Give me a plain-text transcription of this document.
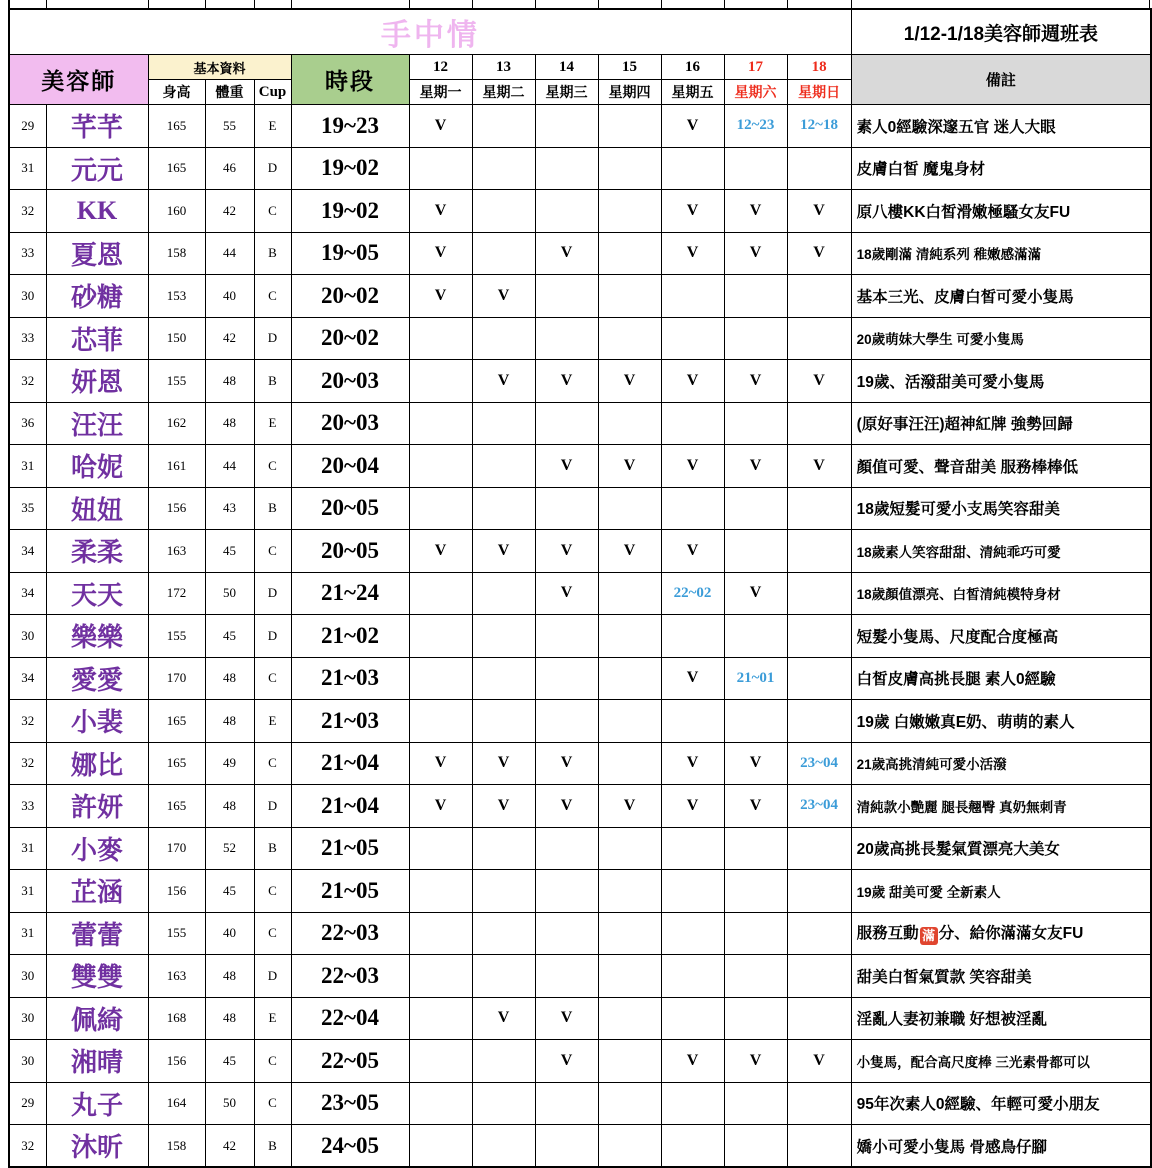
手中情													1/12-1/18美容師週班表
美容師		基本資料			時段	12	13	14	15	16	17	18	備註
		身高	體重	Cup		星期一	星期二	星期三	星期四	星期五	星期六	星期日	
29	芊芊	165	55	E	19~23	V				V	12~23	12~18	素人0經驗深邃五官 迷人大眼
31	元元	165	46	D	19~02								皮膚白皙 魔鬼身材
32	KK	160	42	C	19~02	V				V	V	V	原八樓KK白皙滑嫩極騷女友FU
33	夏恩	158	44	B	19~05	V		V		V	V	V	18歲剛滿 清純系列 稚嫩感滿滿
30	砂糖	153	40	C	20~02	V	V						基本三光、皮膚白皙可愛小隻馬
33	芯菲	150	42	D	20~02								20歲萌妹大學生 可愛小隻馬
32	妍恩	155	48	B	20~03		V	V	V	V	V	V	19歲、活潑甜美可愛小隻馬
36	汪汪	162	48	E	20~03								(原好事汪汪)超神紅牌 強勢回歸
31	哈妮	161	44	C	20~04			V	V	V	V	V	顏值可愛、聲音甜美 服務棒棒低
35	妞妞	156	43	B	20~05								18歲短髮可愛小支馬笑容甜美
34	柔柔	163	45	C	20~05	V	V	V	V	V			18歲素人笑容甜甜、清純乖巧可愛
34	天天	172	50	D	21~24			V		22~02	V		18歲顏值漂亮、白皙清純模特身材
30	樂樂	155	45	D	21~02								短髮小隻馬、尺度配合度極高
34	愛愛	170	48	C	21~03					V	21~01		白皙皮膚高挑長腿 素人0經驗
32	小裴	165	48	E	21~03								19歲 白嫩嫩真E奶、萌萌的素人
32	娜比	165	49	C	21~04	V	V	V		V	V	23~04	21歲高挑清純可愛小活潑
33	許妍	165	48	D	21~04	V	V	V	V	V	V	23~04	清純款小艷麗 腿長翹臀 真奶無刺青
31	小麥	170	52	B	21~05								20歲高挑長髮氣質漂亮大美女
31	芷涵	156	45	C	21~05								19歲 甜美可愛 全新素人
31	蕾蕾	155	40	C	22~03								服務互動 滿 分、給你滿滿女友FU
30	雙雙	163	48	D	22~03								甜美白皙氣質款 笑容甜美
30	佩綺	168	48	E	22~04		V	V					淫亂人妻初兼職 好想被淫亂
30	湘晴	156	45	C	22~05			V		V	V	V	小隻馬，配合高尺度棒 三光素骨都可以
29	丸子	164	50	C	23~05								95年次素人0經驗、年輕可愛小朋友
32	沐昕	158	42	B	24~05								嬌小可愛小隻馬 骨感鳥仔腳
